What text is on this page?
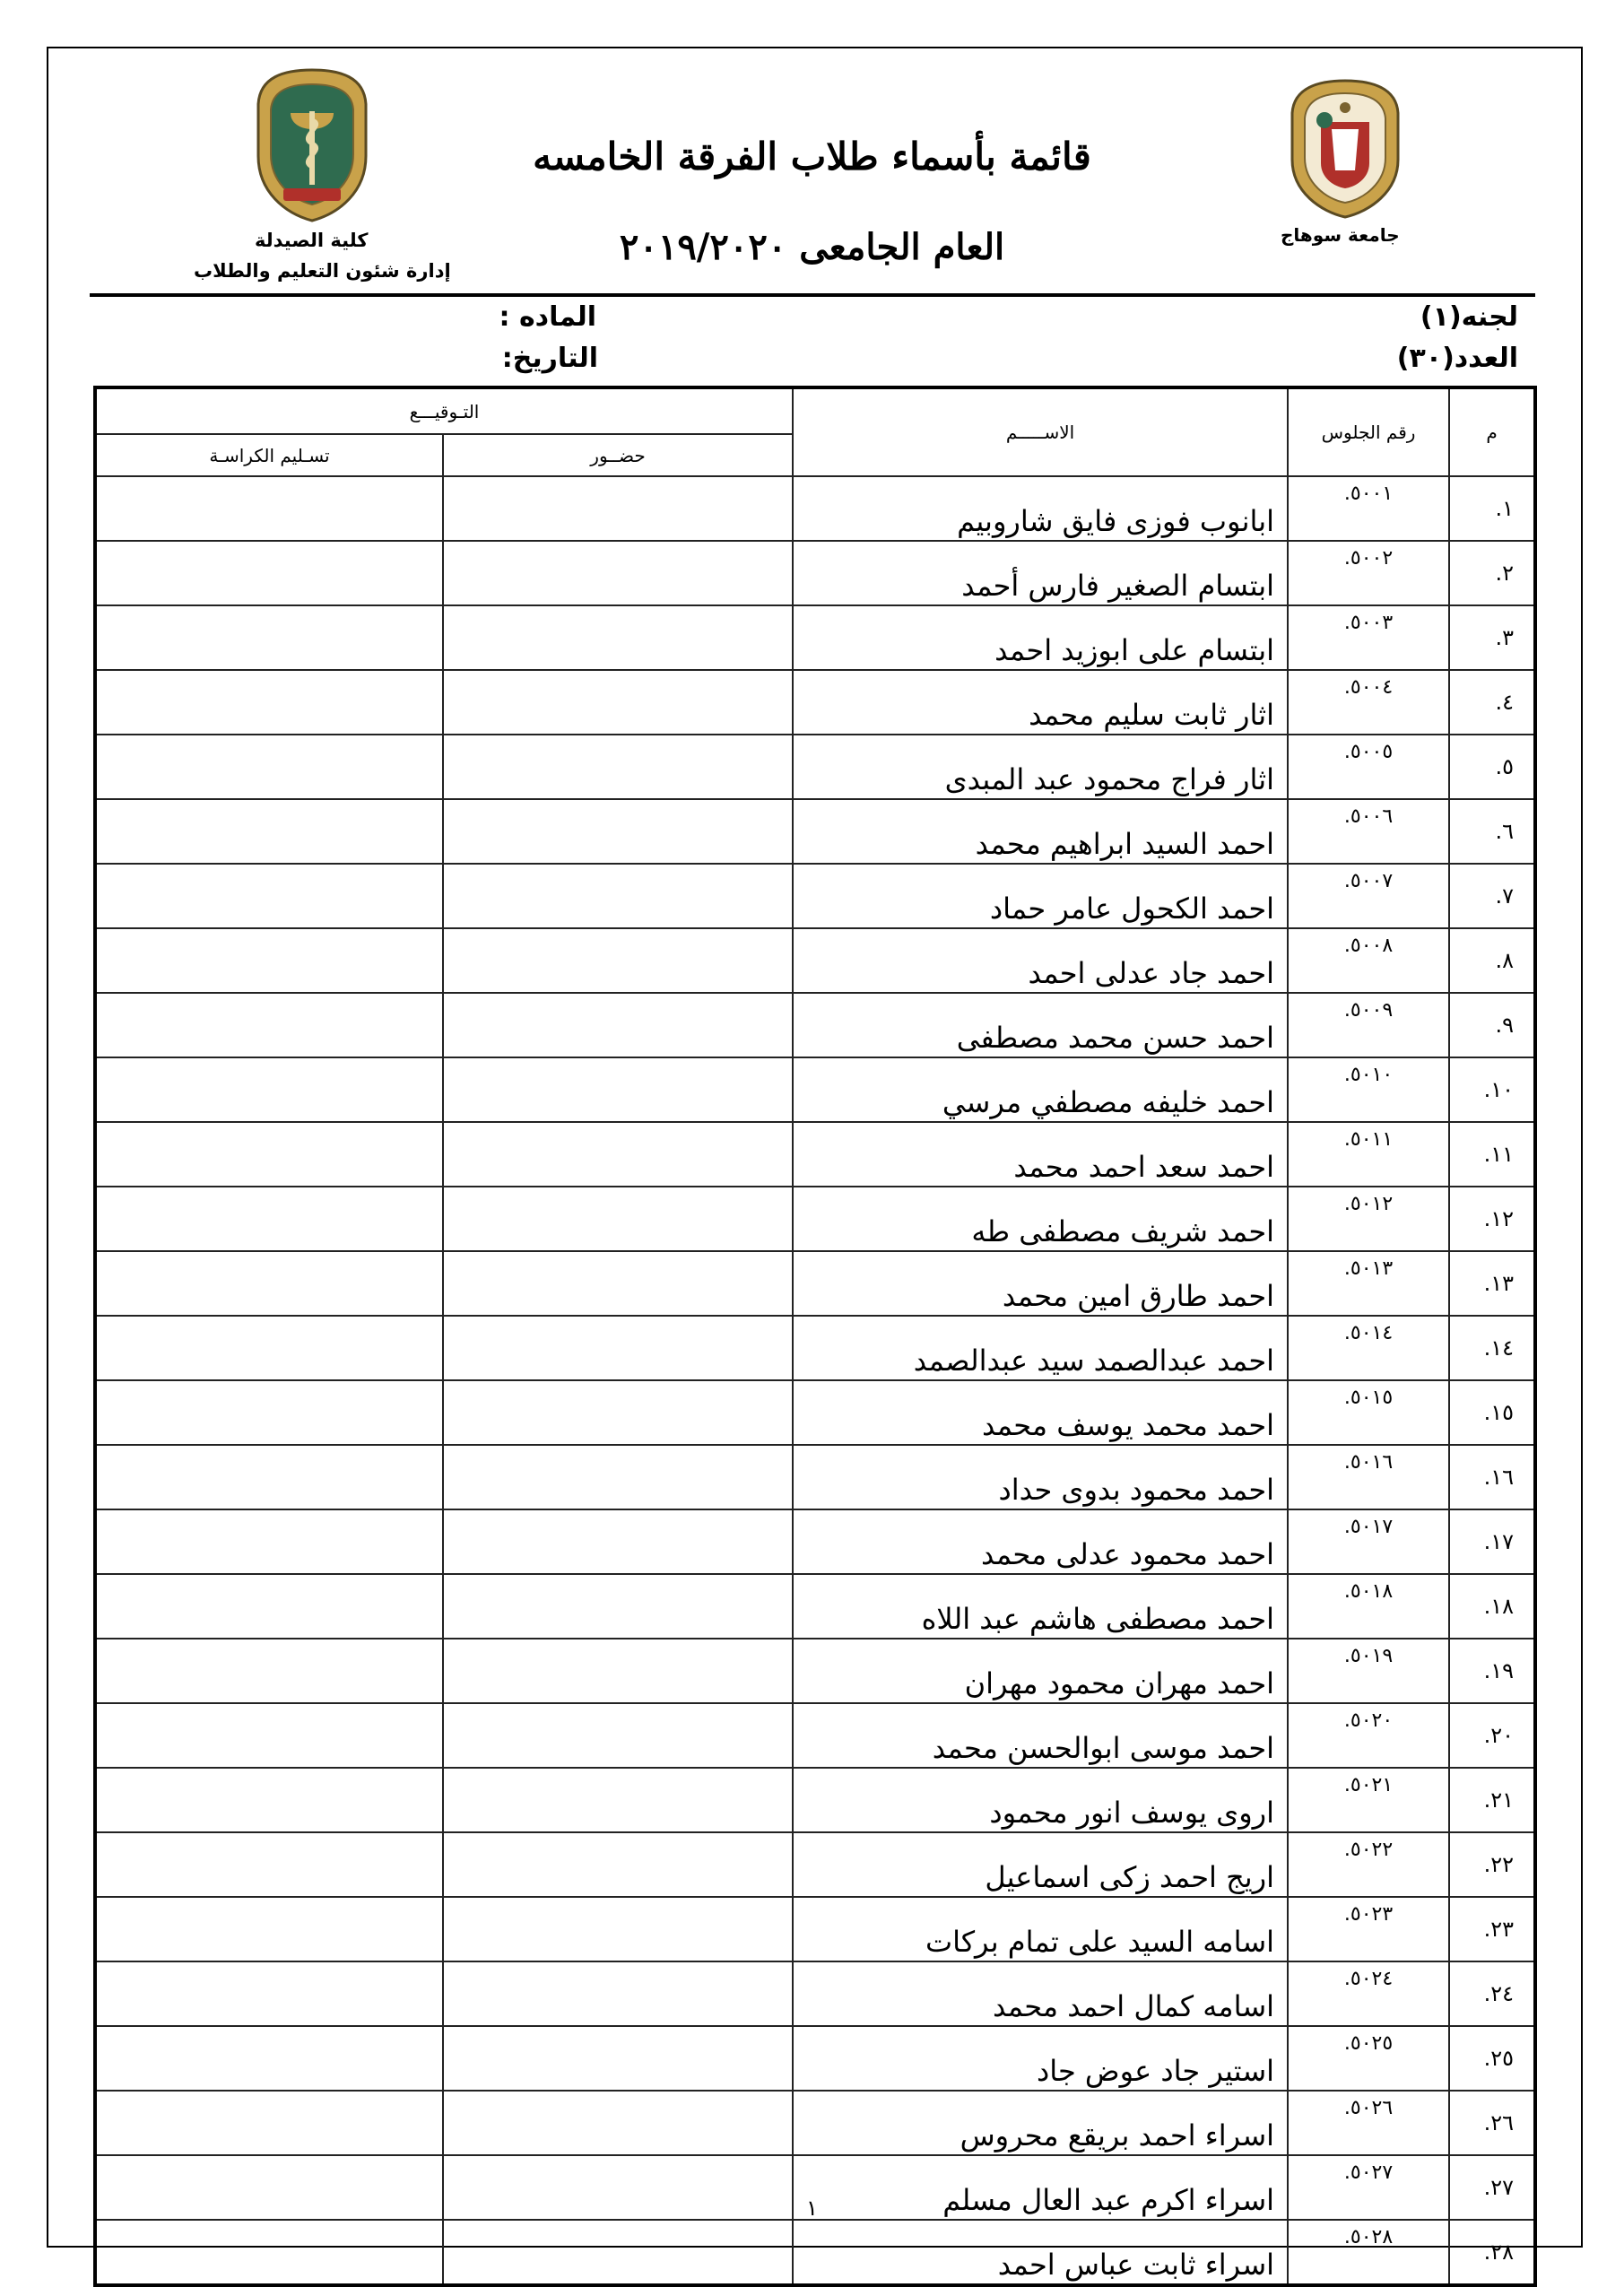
جامعة سوهاج
كلية الصيدلة
إدارة شئون التعليم والطلاب
قائمة بأسماء طلاب الفرقة الخامسه
العام الجامعى ٢٠١٩/٢٠٢٠
لجنه(١)
العدد(٣٠)
الماده :
التاريخ:
م	رقم الجلوس	الاســـــم	التـوقيـــع	
			حضــور	تسـليم الكراسـة
١.	٥٠٠١.	ابانوب فوزى فايق شاروبيم		
٢.	٥٠٠٢.	ابتسام الصغير فارس أحمد		
٣.	٥٠٠٣.	ابتسام على ابوزيد احمد		
٤.	٥٠٠٤.	اثار ثابت سليم محمد		
٥.	٥٠٠٥.	اثار فراج محمود عبد المبدى		
٦.	٥٠٠٦.	احمد السيد ابراهيم محمد		
٧.	٥٠٠٧.	احمد الكحول عامر حماد		
٨.	٥٠٠٨.	احمد جاد عدلى احمد		
٩.	٥٠٠٩.	احمد حسن محمد مصطفى		
١٠.	٥٠١٠.	احمد خليفه مصطفي مرسي		
١١.	٥٠١١.	احمد سعد احمد محمد		
١٢.	٥٠١٢.	احمد شريف مصطفى طه		
١٣.	٥٠١٣.	احمد طارق امين محمد		
١٤.	٥٠١٤.	احمد عبدالصمد سيد عبدالصمد		
١٥.	٥٠١٥.	احمد محمد يوسف محمد		
١٦.	٥٠١٦.	احمد محمود بدوى حداد		
١٧.	٥٠١٧.	احمد محمود عدلى محمد		
١٨.	٥٠١٨.	احمد مصطفى هاشم عبد اللاه		
١٩.	٥٠١٩.	احمد مهران محمود مهران		
٢٠.	٥٠٢٠.	احمد موسى ابوالحسن محمد		
٢١.	٥٠٢١.	اروى يوسف انور محمود		
٢٢.	٥٠٢٢.	اريج احمد زكى اسماعيل		
٢٣.	٥٠٢٣.	اسامه السيد على تمام بركات		
٢٤.	٥٠٢٤.	اسامه كمال احمد محمد		
٢٥.	٥٠٢٥.	استير جاد عوض جاد		
٢٦.	٥٠٢٦.	اسراء احمد بريقع محروس		
٢٧.	٥٠٢٧.	اسراء اكرم عبد العال مسلم		
٢٨.	٥٠٢٨.	اسراء ثابت عباس احمد		
١
